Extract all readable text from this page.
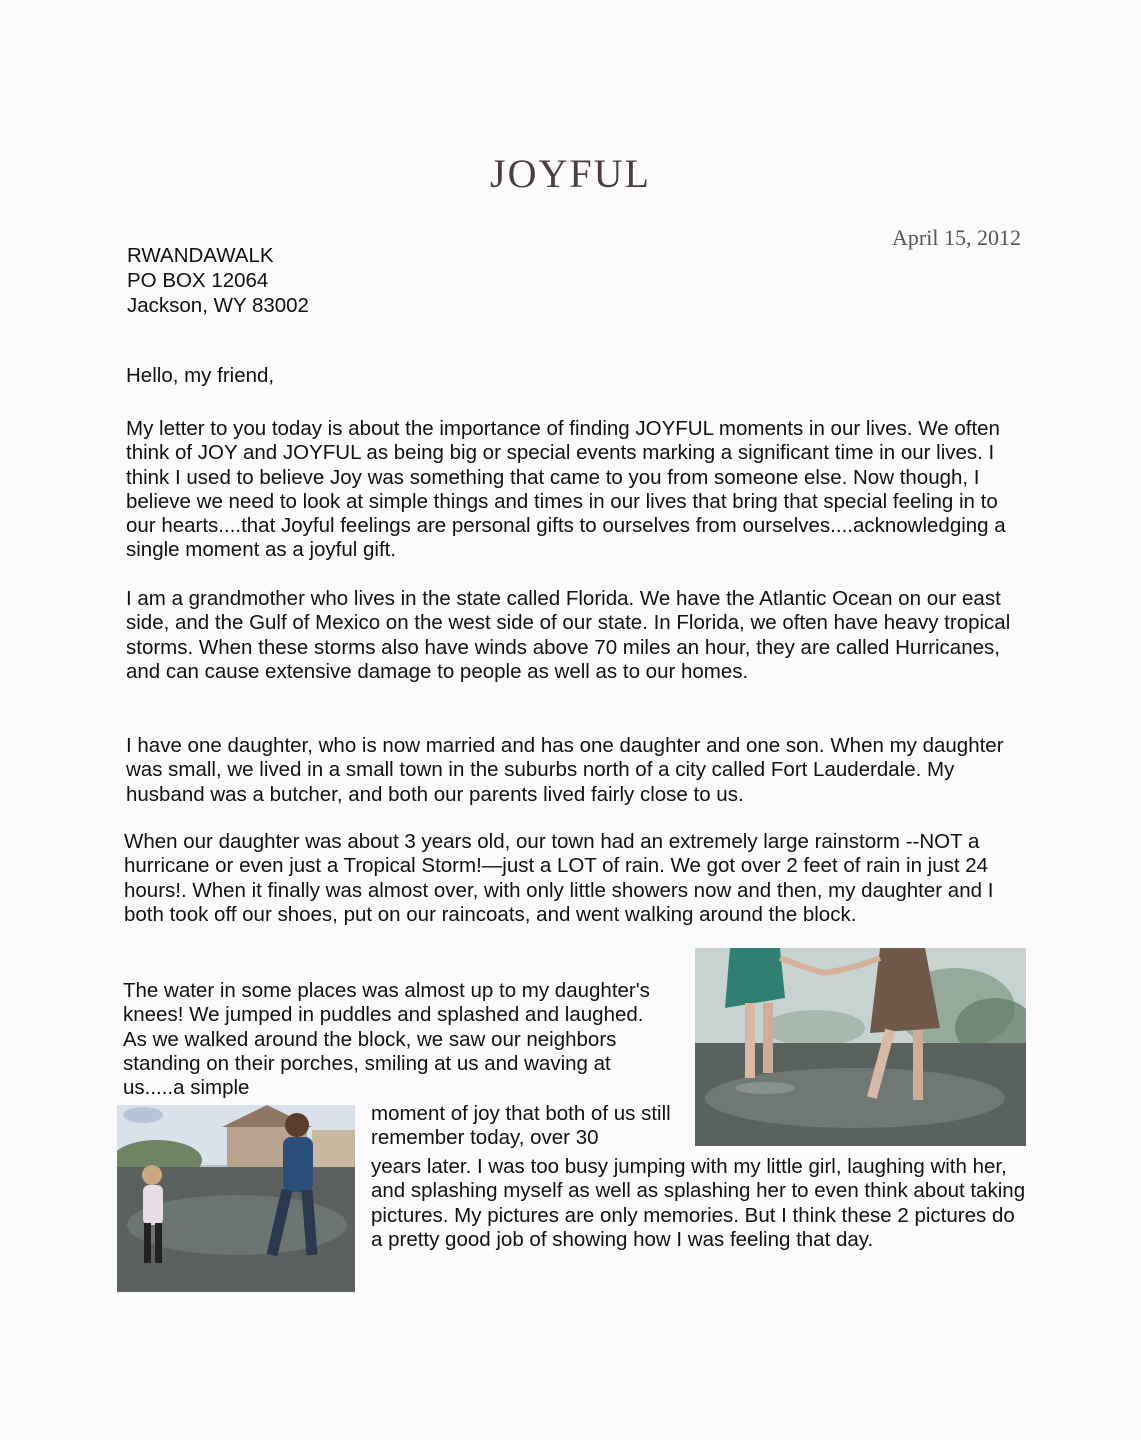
JOYFUL
April 15, 2012
RWANDAWALK
PO BOX 12064
Jackson, WY 83002
Hello, my friend,
My letter to you today is about the importance of finding JOYFUL moments in our lives. We often think of JOY and JOYFUL as being big or special events marking a significant time in our lives. I think I used to believe Joy was something that came to you from someone else. Now though, I believe we need to look at simple things and times in our lives that bring that special feeling in to our hearts....that Joyful feelings are personal gifts to ourselves from ourselves....acknowledging a single moment as a joyful gift.
I am a grandmother who lives in the state called Florida. We have the Atlantic Ocean on our east side, and the Gulf of Mexico on the west side of our state. In Florida, we often have heavy tropical storms. When these storms also have winds above 70 miles an hour, they are called Hurricanes, and can cause extensive damage to people as well as to our homes.
I have one daughter, who is now married and has one daughter and one son. When my daughter was small, we lived in a small town in the suburbs north of a city called Fort Lauderdale. My husband was a butcher, and both our parents lived fairly close to us.
When our daughter was about 3 years old, our town had an extremely large rainstorm --NOT a hurricane or even just a Tropical Storm!—just a LOT of rain. We got over 2 feet of rain in just 24 hours!. When it finally was almost over, with only little showers now and then, my daughter and I both took off our shoes, put on our raincoats, and went walking around the block.
The water in some places was almost up to my daughter's knees! We jumped in puddles and splashed and laughed. As we walked around the block, we saw our neighbors standing on their porches, smiling at us and waving at us.....a simple
moment of joy that both of us still remember today, over 30
years later. I was too busy jumping with my little girl, laughing with her, and splashing myself as well as splashing her to even think about taking pictures. My pictures are only memories. But I think these 2 pictures do a pretty good job of showing how I was feeling that day.
